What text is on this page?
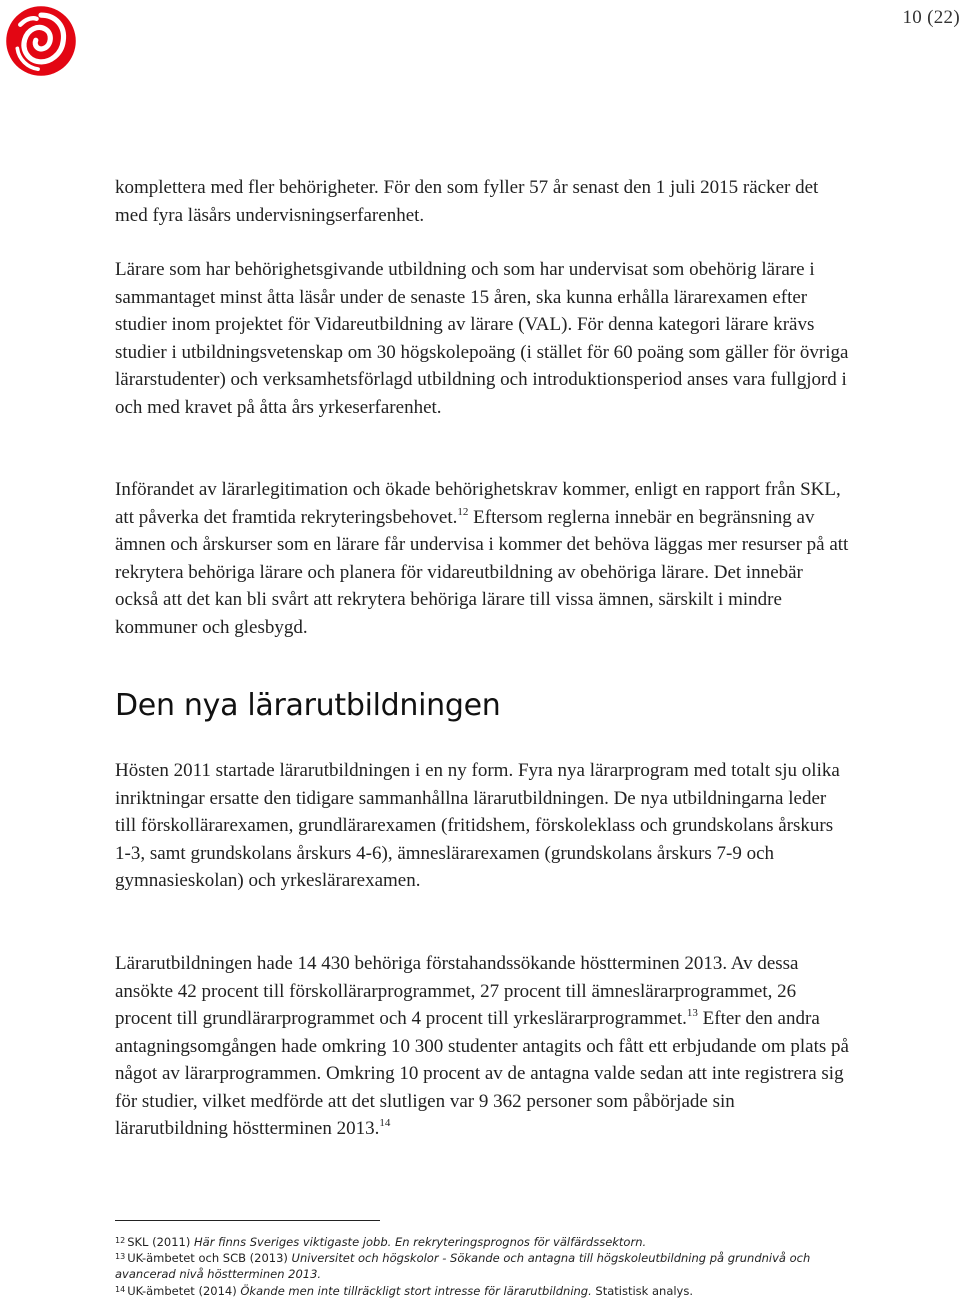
10 (22)

komplettera med fler behörigheter. För den som fyller 57 år senast den 1 juli 2015 räcker det med fyra läsårs undervisningserfarenhet.

Lärare som har behörighetsgivande utbildning och som har undervisat som obehörig lärare i sammantaget minst åtta läsår under de senaste 15 åren, ska kunna erhålla lärarexamen efter studier inom projektet för Vidareutbildning av lärare (VAL). För denna kategori lärare krävs studier i utbildningsvetenskap om 30 högskolepoäng (i stället för 60 poäng som gäller för övriga lärarstudenter) och verksamhetsförlagd utbildning och introduktionsperiod anses vara fullgjord i och med kravet på åtta års yrkeserfarenhet.

Införandet av lärarlegitimation och ökade behörighetskrav kommer, enligt en rapport från SKL, att påverka det framtida rekryteringsbehovet.$^{12}$ Eftersom reglerna innebär en begränsning av ämnen och årskurser som en lärare får undervisa i kommer det behöva läggas mer resurser på att rekrytera behöriga lärare och planera för vidareutbildning av obehöriga lärare. Det innebär också att det kan bli svårt att rekrytera behöriga lärare till vissa ämnen, särskilt i mindre kommuner och glesbygd.

Den nya lärarutbildningen

Hösten 2011 startade lärarutbildningen i en ny form. Fyra nya lärarprogram med totalt sju olika inriktningar ersatte den tidigare sammanhållna lärarutbildningen. De nya utbildningarna leder till förskollärarexamen, grundlärarexamen (fritidshem, förskoleklass och grundskolans årskurs 1-3, samt grundskolans årskurs 4-6), ämneslärarexamen (grundskolans årskurs 7-9 och gymnasieskolan) och yrkeslärarexamen.

Lärarutbildningen hade 14 430 behöriga förstahandssökande höstterminen 2013. Av dessa ansökte 42 procent till förskollärarprogrammet, 27 procent till ämneslärarprogrammet, 26 procent till grundlärarprogrammet och 4 procent till yrkeslärarprogrammet.$^{13}$ Efter den andra antagningsomgången hade omkring 10 300 studenter antagits och fått ett erbjudande om plats på något av lärarprogrammen. Omkring 10 procent av de antagna valde sedan att inte registrera sig för studier, vilket medförde att det slutligen var 9 362 personer som påbörjade sin lärarutbildning höstterminen 2013.14

$^{12}$ SKL (2011) Här finns Sveriges viktigaste jobb. En rekryteringsprognos för välfärdssektorn.

$^{13}$ UK-ämbetet och SCB (2013) Universitet och högskolor - Sökande och antagna till högskoleutbildning på grundnivå och avancerad nivå höstterminen 2013.

$^{14}$ UK-ämbetet (2014) Ökande men inte tillräckligt stort intresse för lärarutbildning. Statistisk analys.
